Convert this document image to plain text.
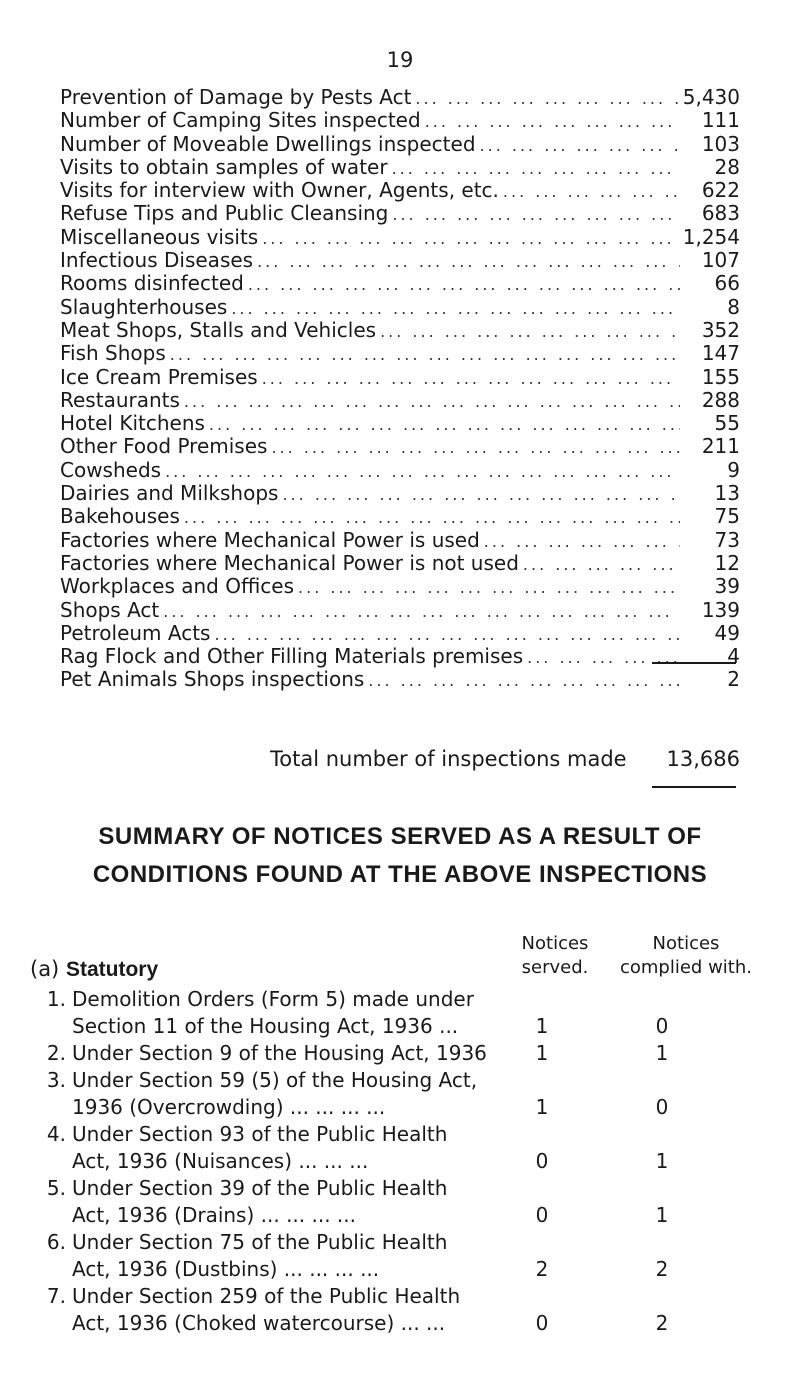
19
Prevention of Damage by Pests Act ... .	5,430
Number of Camping Sites inspected ... .	111
Number of Moveable Dwellings inspected ... .	103
Visits to obtain samples of water ... .	28
Visits for interview with Owner, Agents, etc. ... .	622
Refuse Tips and Public Cleansing ... .	683
Miscellaneous visits ... .	1,254
Infectious Diseases ... .	107
Rooms disinfected ... .	66
Slaughterhouses ... .	8
Meat Shops, Stalls and Vehicles ... .	352
Fish Shops ... .	147
Ice Cream Premises ... .	155
Restaurants ... .	288
Hotel Kitchens ... .	55
Other Food Premises ... .	211
Cowsheds ... .	9
Dairies and Milkshops ... .	13
Bakehouses ... .	75
Factories where Mechanical Power is used ... .	73
Factories where Mechanical Power is not used ... .	12
Workplaces and Offices ... .	39
Shops Act ... .	139
Petroleum Acts ... .	49
Rag Flock and Other Filling Materials premises ... .	4
Pet Animals Shops inspections ... .	2
Total number of inspections made	13,686
SUMMARY OF NOTICES SERVED AS A RESULT OF
CONDITIONS FOUND AT THE ABOVE INSPECTIONS
Notices
served.
Notices
complied with.
(a) Statutory
1. Demolition Orders (Form 5) made under
Section 11 of the Housing Act, 1936 ...	1	0
2. Under Section 9 of the Housing Act, 1936	1	1
3. Under Section 59 (5) of the Housing Act,
1936 (Overcrowding) ... ... ... ...	1	0
4. Under Section 93 of the Public Health
Act, 1936 (Nuisances) ... ... ...	0	1
5. Under Section 39 of the Public Health
Act, 1936 (Drains) ... ... ... ...	0	1
6. Under Section 75 of the Public Health
Act, 1936 (Dustbins) ... ... ... ...	2	2
7. Under Section 259 of the Public Health
Act, 1936 (Choked watercourse) ... ...	0	2
